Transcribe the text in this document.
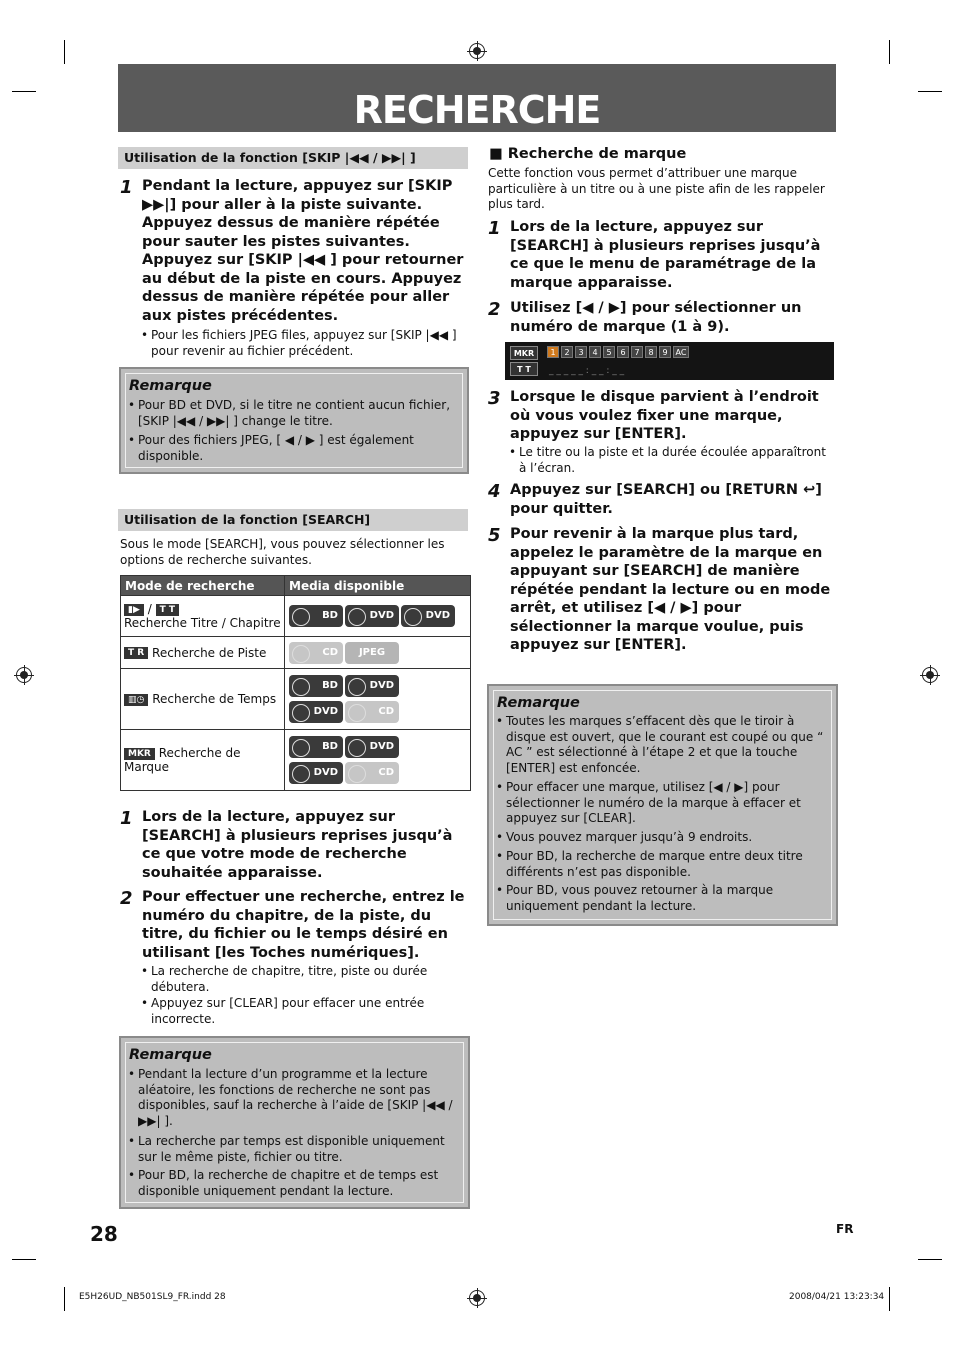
RECHERCHE
Utilisation de la fonction [SKIP |◀◀ / ▶▶| ]
1 Pendant la lecture, appuyez sur [SKIP ▶▶|] pour aller à la piste suivante. Appuyez dessus de manière répétée pour sauter les pistes suivantes. Appuyez sur [SKIP |◀◀ ] pour retourner au début de la piste en cours. Appuyez dessus de manière répétée pour aller aux pistes précédentes.
• Pour les fichiers JPEG files, appuyez sur [SKIP |◀◀ ] pour revenir au fichier précédent.
Remarque
• Pour BD et DVD, si le titre ne contient aucun fichier, [SKIP |◀◀ / ▶▶| ] change le titre.
• Pour des fichiers JPEG, [ ◀ / ▶ ] est également disponible.
Utilisation de la fonction [SEARCH]
Sous le mode [SEARCH], vous pouvez sélectionner les options de recherche suivantes.
Mode de recherche	Media disponible
▮▶ / T T
Recherche Titre / Chapitre	BD DVD DVD
T R Recherche de Piste	CD JPEG
▥◷ Recherche de Temps	BD DVD
DVD CD
MKR Recherche de Marque	BD DVD
DVD CD
1 Lors de la lecture, appuyez sur [SEARCH] à plusieurs reprises jusqu’à ce que votre mode de recherche souhaitée apparaisse.
2 Pour effectuer une recherche, entrez le numéro du chapitre, de la piste, du titre, du fichier ou le temps désiré en utilisant [les Toches numériques].
• La recherche de chapitre, titre, piste ou durée débutera.
• Appuyez sur [CLEAR] pour effacer une entrée incorrecte.
Remarque
• Pendant la lecture d’un programme et la lecture aléatoire, les fonctions de recherche ne sont pas disponibles, sauf la recherche à l’aide de [SKIP |◀◀ / ▶▶| ].
• La recherche par temps est disponible uniquement sur le même piste, fichier ou titre.
• Pour BD, la recherche de chapitre et de temps est disponible uniquement pendant la lecture.
■ Recherche de marque
Cette fonction vous permet d’attribuer une marque particulière à un titre ou à une piste afin de les rappeler plus tard.
1 Lors de la lecture, appuyez sur [SEARCH] à plusieurs reprises jusqu’à ce que le menu de paramétrage de la marque apparaisse.
2 Utilisez [◀ / ▶] pour sélectionner un numéro de marque (1 à 9).
MKR
T T
1	2	3	4	5	6	7	8	9 AC
_ _ _ _ _ : _ _ : _ _
3 Lorsque le disque parvient à l’endroit où vous voulez fixer une marque, appuyez sur [ENTER].
• Le titre ou la piste et la durée écoulée apparaîtront à l’écran.
4 Appuyez sur [SEARCH] ou [RETURN ↩] pour quitter.
5 Pour revenir à la marque plus tard, appelez le paramètre de la marque en appuyant sur [SEARCH] de manière répétée pendant la lecture ou en mode arrêt, et utilisez [◀ / ▶] pour sélectionner la marque voulue, puis appuyez sur [ENTER].
Remarque
• Toutes les marques s’effacent dès que le tiroir à disque est ouvert, que le courant est coupé ou que “ AC ” est sélectionné à l’étape 2 et que la touche [ENTER] est enfoncée.
• Pour effacer une marque, utilisez [◀ / ▶] pour sélectionner le numéro de la marque à effacer et appuyez sur [CLEAR].
• Vous pouvez marquer jusqu’à 9 endroits.
• Pour BD, la recherche de marque entre deux titre différents n’est pas disponible.
• Pour BD, vous pouvez retourner à la marque uniquement pendant la lecture.
28	FR
E5H26UD_NB501SL9_FR.indd 28	2008/04/21 13:23:34
